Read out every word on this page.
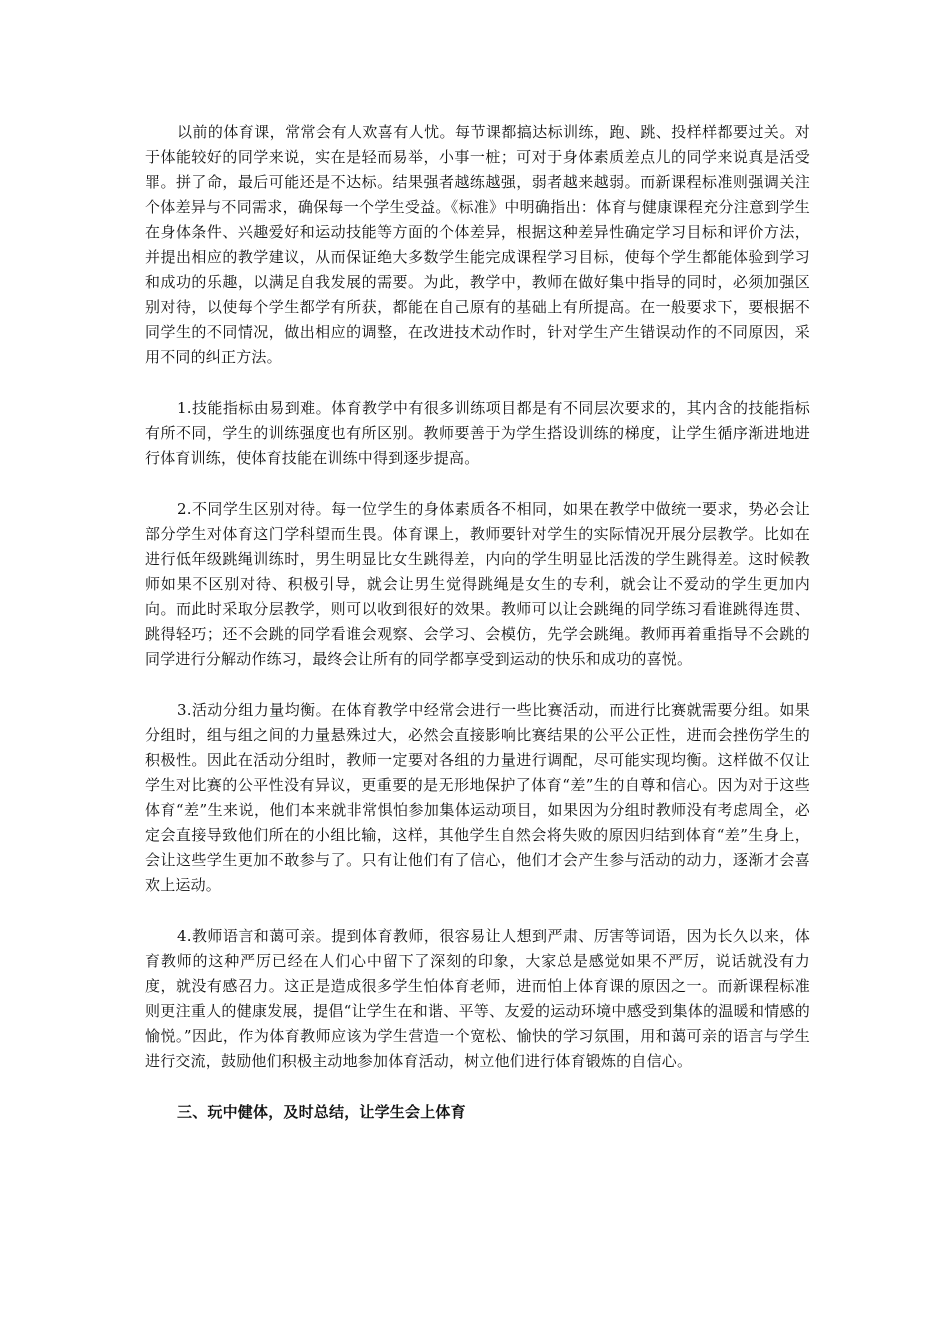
以前的体育课，常常会有人欢喜有人忧。每节课都搞达标训练，跑、跳、投样样都要过关。对于体能较好的同学来说，实在是轻而易举，小事一桩；可对于身体素质差点儿的同学来说真是活受罪。拼了命，最后可能还是不达标。结果强者越练越强，弱者越来越弱。而新课程标准则强调关注个体差异与不同需求，确保每一个学生受益。《标准》中明确指出：体育与健康课程充分注意到学生在身体条件、兴趣爱好和运动技能等方面的个体差异，根据这种差异性确定学习目标和评价方法，并提出相应的教学建议，从而保证绝大多数学生能完成课程学习目标，使每个学生都能体验到学习和成功的乐趣，以满足自我发展的需要。为此，教学中，教师在做好集中指导的同时，必须加强区别对待，以使每个学生都学有所获，都能在自己原有的基础上有所提高。在一般要求下，要根据不同学生的不同情况，做出相应的调整，在改进技术动作时，针对学生产生错误动作的不同原因，采用不同的纠正方法。

1.技能指标由易到难。体育教学中有很多训练项目都是有不同层次要求的，其内含的技能指标有所不同，学生的训练强度也有所区别。教师要善于为学生搭设训练的梯度，让学生循序渐进地进行体育训练，使体育技能在训练中得到逐步提高。

2.不同学生区别对待。每一位学生的身体素质各不相同，如果在教学中做统一要求，势必会让部分学生对体育这门学科望而生畏。体育课上，教师要针对学生的实际情况开展分层教学。比如在进行低年级跳绳训练时，男生明显比女生跳得差，内向的学生明显比活泼的学生跳得差。这时候教师如果不区别对待、积极引导，就会让男生觉得跳绳是女生的专利，就会让不爱动的学生更加内向。而此时采取分层教学，则可以收到很好的效果。教师可以让会跳绳的同学练习看谁跳得连贯、跳得轻巧；还不会跳的同学看谁会观察、会学习、会模仿，先学会跳绳。教师再着重指导不会跳的同学进行分解动作练习，最终会让所有的同学都享受到运动的快乐和成功的喜悦。

3.活动分组力量均衡。在体育教学中经常会进行一些比赛活动，而进行比赛就需要分组。如果分组时，组与组之间的力量悬殊过大，必然会直接影响比赛结果的公平公正性，进而会挫伤学生的积极性。因此在活动分组时，教师一定要对各组的力量进行调配，尽可能实现均衡。这样做不仅让学生对比赛的公平性没有异议，更重要的是无形地保护了体育“差”生的自尊和信心。因为对于这些体育“差”生来说，他们本来就非常惧怕参加集体运动项目，如果因为分组时教师没有考虑周全，必定会直接导致他们所在的小组比输，这样，其他学生自然会将失败的原因归结到体育“差”生身上，会让这些学生更加不敢参与了。只有让他们有了信心，他们才会产生参与活动的动力，逐渐才会喜欢上运动。

4.教师语言和蔼可亲。提到体育教师，很容易让人想到严肃、厉害等词语，因为长久以来，体育教师的这种严厉已经在人们心中留下了深刻的印象，大家总是感觉如果不严厉，说话就没有力度，就没有感召力。这正是造成很多学生怕体育老师，进而怕上体育课的原因之一。而新课程标准则更注重人的健康发展，提倡“让学生在和谐、平等、友爱的运动环境中感受到集体的温暖和情感的愉悦。”因此，作为体育教师应该为学生营造一个宽松、愉快的学习氛围，用和蔼可亲的语言与学生进行交流，鼓励他们积极主动地参加体育活动，树立他们进行体育锻炼的自信心。

三、玩中健体，及时总结，让学生会上体育
